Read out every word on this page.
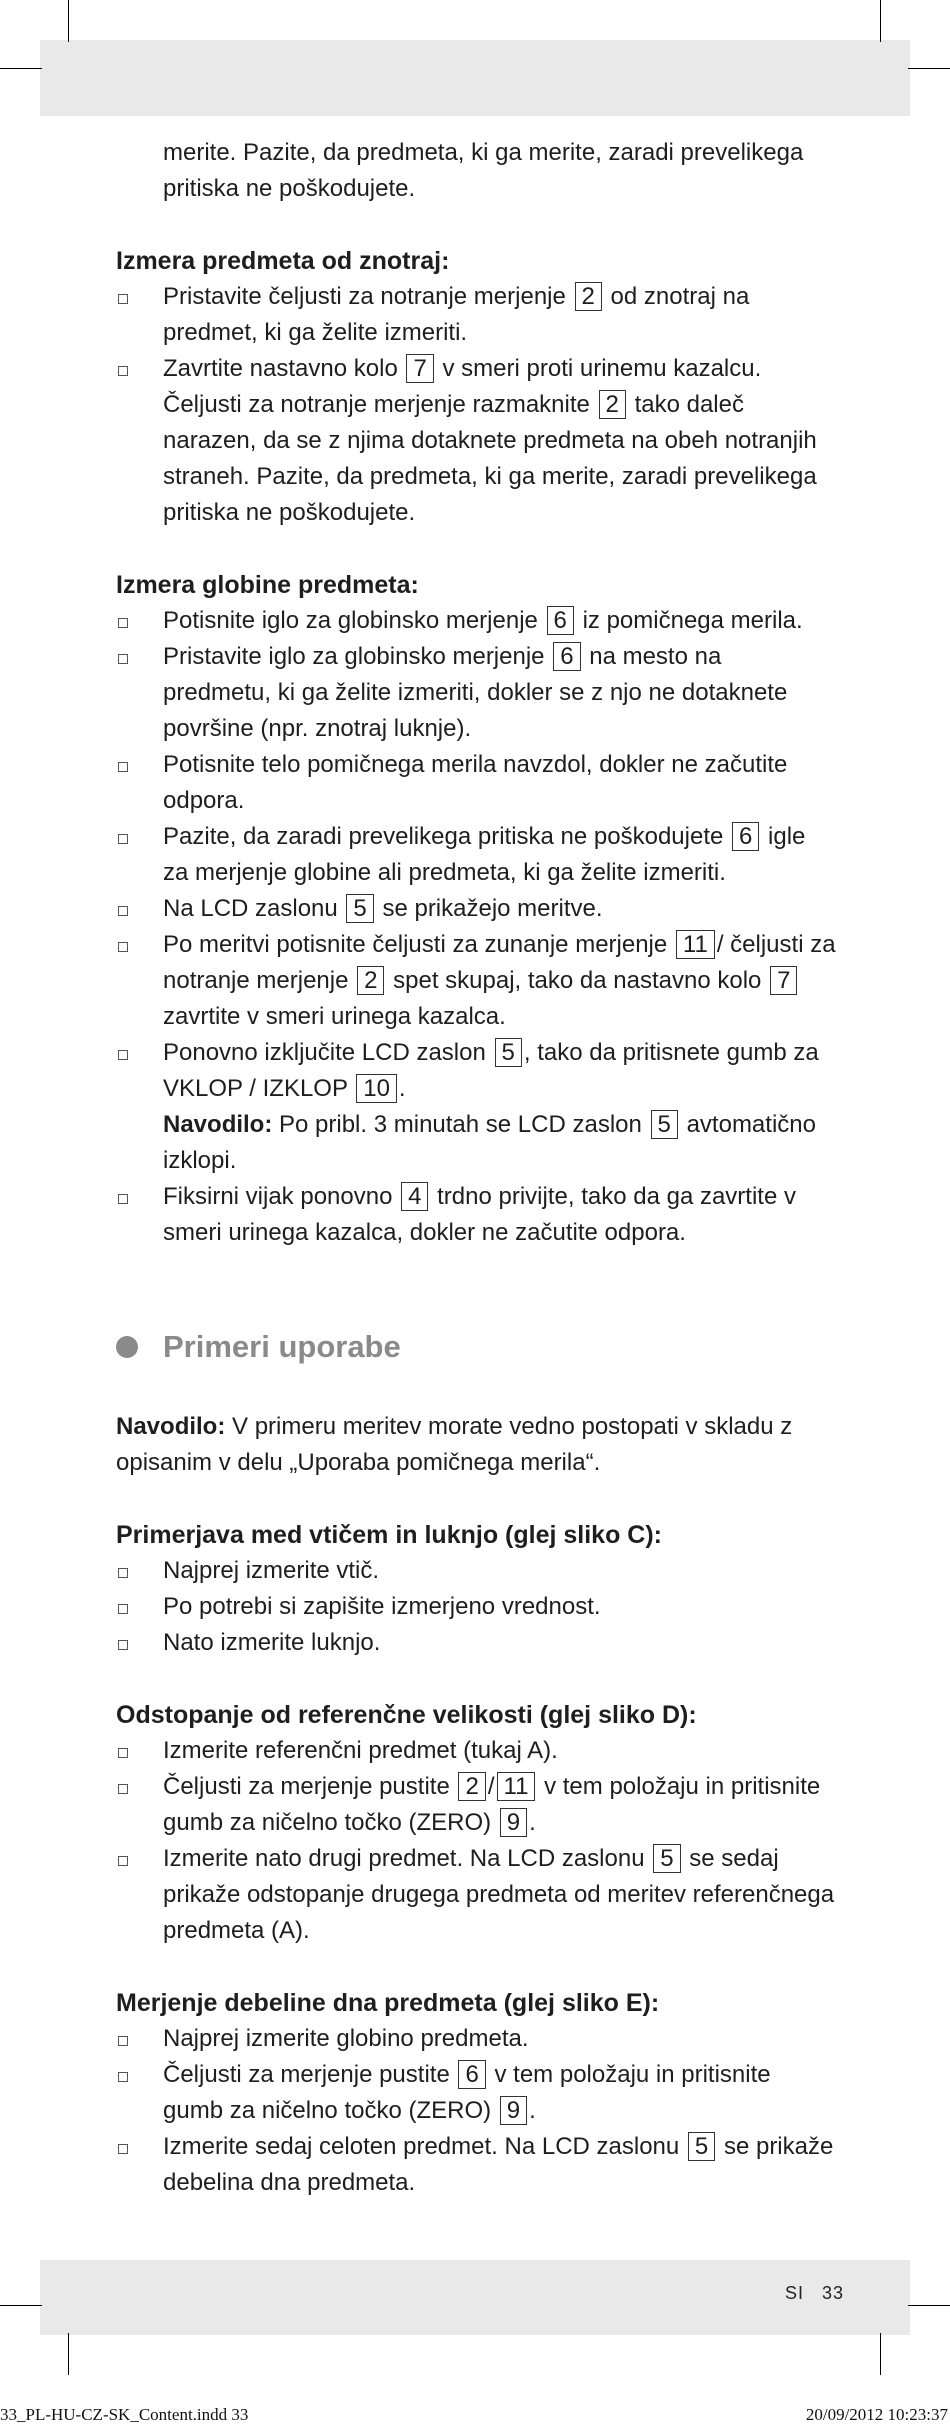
merite. Pazite, da predmeta, ki ga merite, zaradi prevelikega pritiska ne poškodujete.

Izmera predmeta od znotraj:

Pristavite čeljusti za notranje merjenje 2 od znotraj na predmet, ki ga želite izmeriti.
Zavrtite nastavno kolo 7 v smeri proti urinemu kazalcu. Čeljusti za notranje merjenje razmaknite 2 tako daleč narazen, da se z njima dotaknete predmeta na obeh notranjih straneh. Pazite, da predmeta, ki ga merite, zaradi prevelikega pritiska ne poškodujete.

Izmera globine predmeta:

Potisnite iglo za globinsko merjenje 6 iz pomičnega merila.
Pristavite iglo za globinsko merjenje 6 na mesto na predmetu, ki ga želite izmeriti, dokler se z njo ne dotaknete površine (npr. znotraj luknje).
Potisnite telo pomičnega merila navzdol, dokler ne začutite odpora.
Pazite, da zaradi prevelikega pritiska ne poškodujete 6 igle za merjenje globine ali predmeta, ki ga želite izmeriti.
Na LCD zaslonu 5 se prikažejo meritve.
Po meritvi potisnite čeljusti za zunanje merjenje 11 / čeljusti za notranje merjenje 2 spet skupaj, tako da nastavno kolo 7 zavrtite v smeri urinega kazalca.
Ponovno izključite LCD zaslon 5 , tako da pritisnete gumb za VKLOP / IZKLOP 10 .
Navodilo: Po pribl. 3 minutah se LCD zaslon 5 avtomatično izklopi.
Fiksirni vijak ponovno 4 trdno privijte, tako da ga zavrtite v smeri urinega kazalca, dokler ne začutite odpora.
Primeri uporabe

Navodilo: V primeru meritev morate vedno postopati v skladu z opisanim v delu „Uporaba pomičnega merila“.

Primerjava med vtičem in luknjo (glej sliko C):

Najprej izmerite vtič.
Po potrebi si zapišite izmerjeno vrednost.
Nato izmerite luknjo.

Odstopanje od referenčne velikosti (glej sliko D):

Izmerite referenčni predmet (tukaj A).
Čeljusti za merjenje pustite 2 / 11 v tem položaju in pritisnite gumb za ničelno točko (ZERO) 9 .
Izmerite nato drugi predmet. Na LCD zaslonu 5 se sedaj prikaže odstopanje drugega predmeta od meritev referenčnega predmeta (A).

Merjenje debeline dna predmeta (glej sliko E):

Najprej izmerite globino predmeta.
Čeljusti za merjenje pustite 6 v tem položaju in pritisnite gumb za ničelno točko (ZERO) 9 .
Izmerite sedaj celoten predmet. Na LCD zaslonu 5 se prikaže debelina dna predmeta.
SI 33
33_PL-HU-CZ-SK_Content.indd 33	20/09/2012 10:23:37
